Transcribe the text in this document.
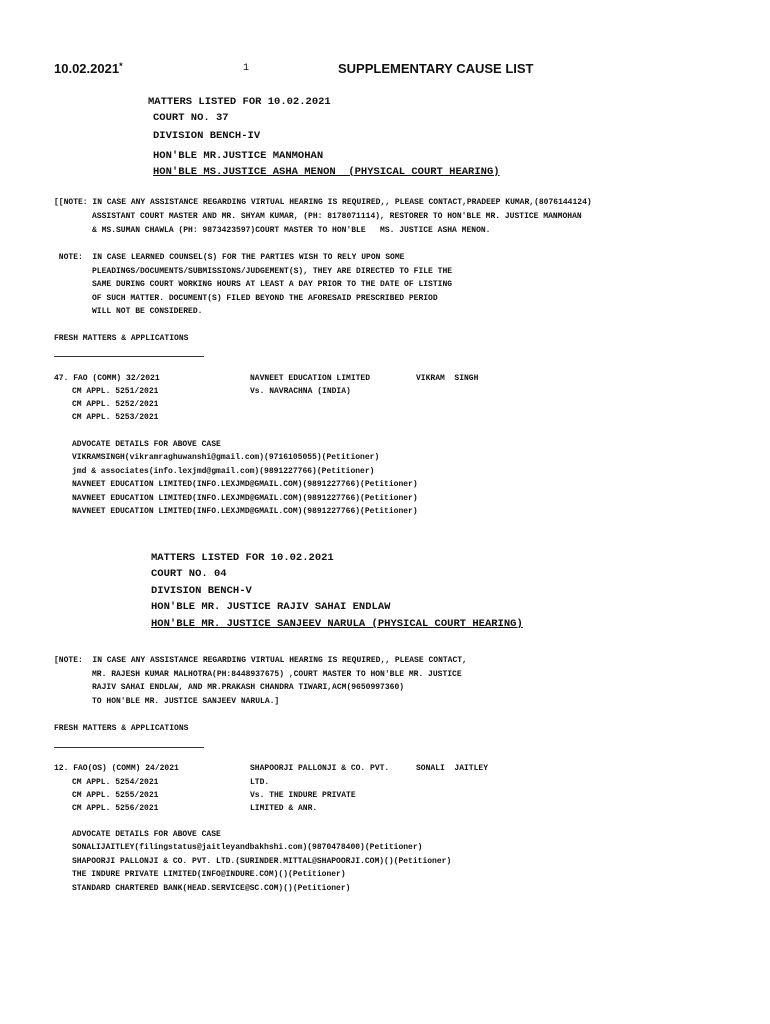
10.02.2021*	1	SUPPLEMENTARY CAUSE LIST
MATTERS LISTED FOR 10.02.2021
COURT NO. 37
DIVISION BENCH-IV
HON'BLE MR.JUSTICE MANMOHAN
HON'BLE MS.JUSTICE ASHA MENON  (PHYSICAL COURT HEARING)
[[NOTE: IN CASE ANY ASSISTANCE REGARDING VIRTUAL HEARING IS REQUIRED,, PLEASE CONTACT,PRADEEP KUMAR,(8076144124)
ASSISTANT COURT MASTER AND MR. SHYAM KUMAR, (PH: 8178071114), RESTORER TO HON'BLE MR. JUSTICE MANMOHAN
& MS.SUMAN CHAWLA (PH: 9873423597)COURT MASTER TO HON'BLE   MS. JUSTICE ASHA MENON.
NOTE:  IN CASE LEARNED COUNSEL(S) FOR THE PARTIES WISH TO RELY UPON SOME
PLEADINGS/DOCUMENTS/SUBMISSIONS/JUDGEMENT(S), THEY ARE DIRECTED TO FILE THE
SAME DURING COURT WORKING HOURS AT LEAST A DAY PRIOR TO THE DATE OF LISTING
OF SUCH MATTER. DOCUMENT(S) FILED BEYOND THE AFORESAID PRESCRIBED PERIOD
WILL NOT BE CONSIDERED.
FRESH MATTERS & APPLICATIONS
47. FAO (COMM) 32/2021
CM APPL. 5251/2021
CM APPL. 5252/2021
CM APPL. 5253/2021
NAVNEET EDUCATION LIMITED
Vs. NAVRACHNA (INDIA)
VIKRAM  SINGH
ADVOCATE DETAILS FOR ABOVE CASE
VIKRAMSINGH(vikramraghuwanshi@gmail.com)(9716105055)(Petitioner)
jmd & associates(info.lexjmd@gmail.com)(9891227766)(Petitioner)
NAVNEET EDUCATION LIMITED(INFO.LEXJMD@GMAIL.COM)(9891227766)(Petitioner)
NAVNEET EDUCATION LIMITED(INFO.LEXJMD@GMAIL.COM)(9891227766)(Petitioner)
NAVNEET EDUCATION LIMITED(INFO.LEXJMD@GMAIL.COM)(9891227766)(Petitioner)
MATTERS LISTED FOR 10.02.2021
COURT NO. 04
DIVISION BENCH-V
HON'BLE MR. JUSTICE RAJIV SAHAI ENDLAW
HON'BLE MR. JUSTICE SANJEEV NARULA (PHYSICAL COURT HEARING)
[NOTE:  IN CASE ANY ASSISTANCE REGARDING VIRTUAL HEARING IS REQUIRED,, PLEASE CONTACT,
MR. RAJESH KUMAR MALHOTRA(PH:8448937675) ,COURT MASTER TO HON'BLE MR. JUSTICE
RAJIV SAHAI ENDLAW, AND MR.PRAKASH CHANDRA TIWARI,ACM(9650997360)
TO HON'BLE MR. JUSTICE SANJEEV NARULA.]
FRESH MATTERS & APPLICATIONS
12. FAO(OS) (COMM) 24/2021
CM APPL. 5254/2021
CM APPL. 5255/2021
CM APPL. 5256/2021
SHAPOORJI PALLONJI & CO. PVT.
LTD.
Vs. THE INDURE PRIVATE
LIMITED & ANR.
SONALI  JAITLEY
ADVOCATE DETAILS FOR ABOVE CASE
SONALIJAITLEY(filingstatus@jaitleyandbakhshi.com)(9870478400)(Petitioner)
SHAPOORJI PALLONJI & CO. PVT. LTD.(SURINDER.MITTAL@SHAPOORJI.COM)()(Petitioner)
THE INDURE PRIVATE LIMITED(INFO@INDURE.COM)()(Petitioner)
STANDARD CHARTERED BANK(HEAD.SERVICE@SC.COM)()(Petitioner)
